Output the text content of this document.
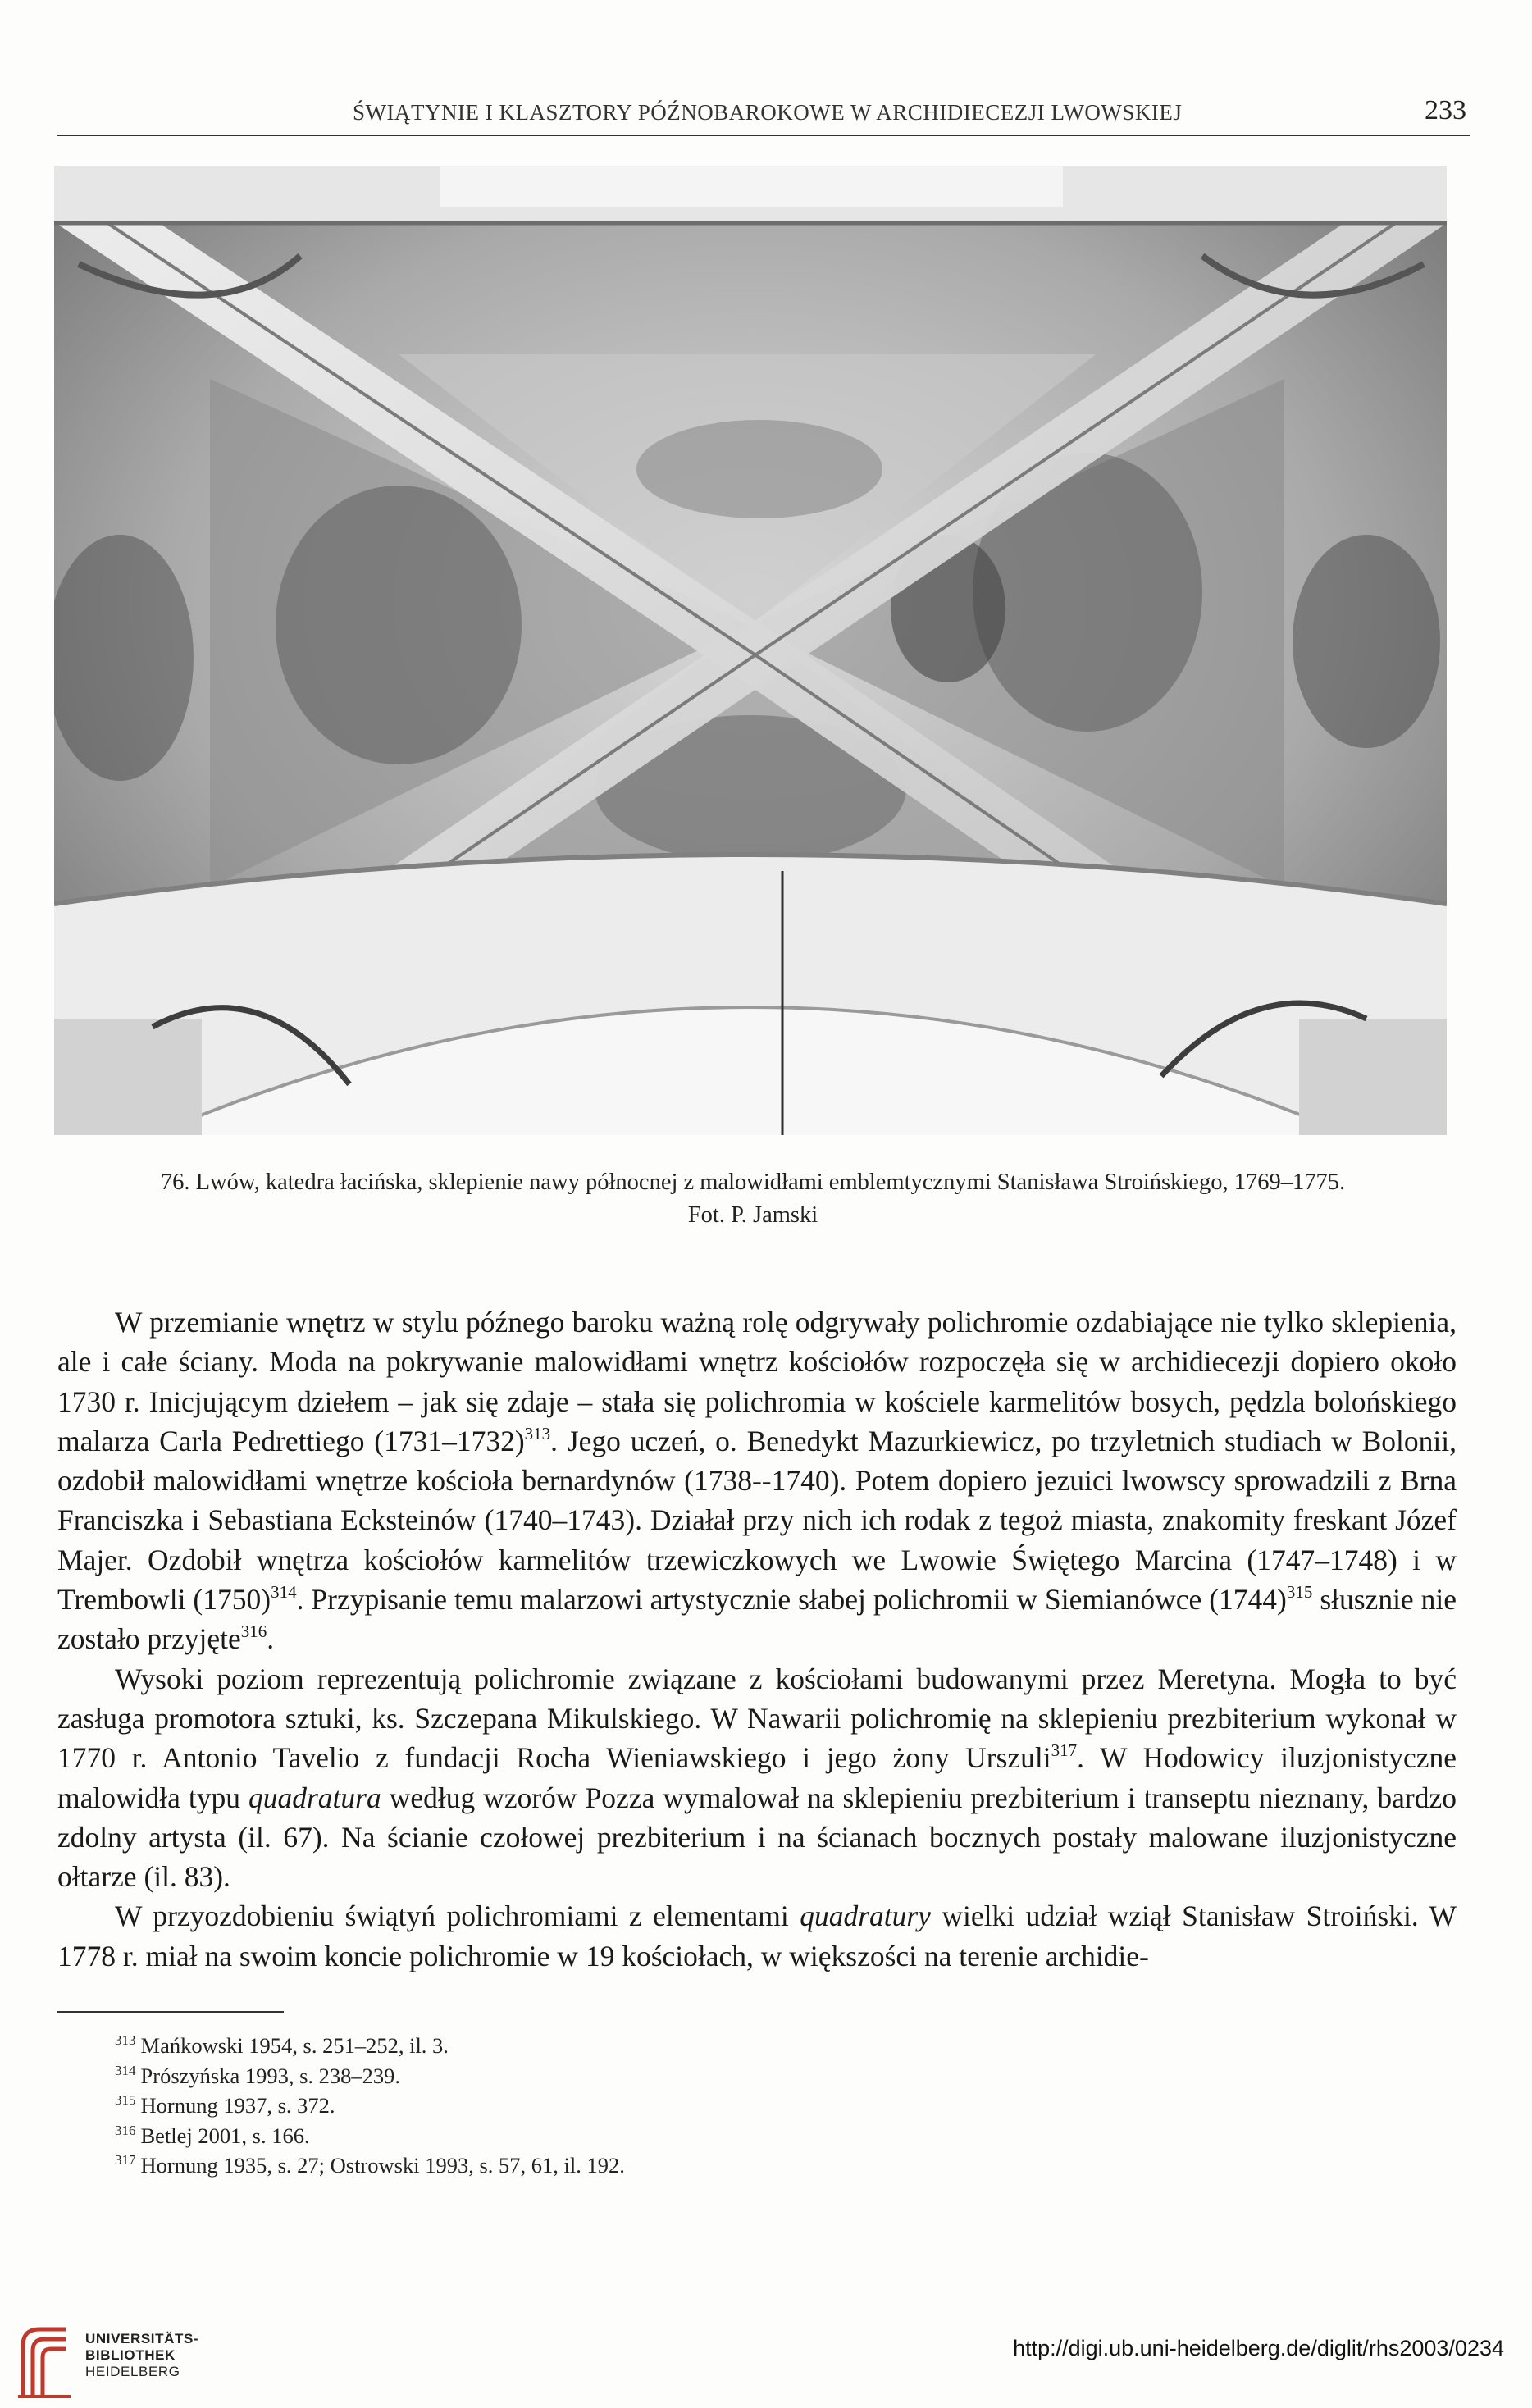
ŚWIĄTYNIE I KLASZTORY PÓŹNOBAROKOWE W ARCHIDIECEZJI LWOWSKIEJ	233
76. Lwów, katedra łacińska, sklepienie nawy północnej z malowidłami emblemtycznymi Stanisława Stroińskiego, 1769–1775.
Fot. P. Jamski

W przemianie wnętrz w stylu późnego baroku ważną rolę odgrywały polichromie ozdabiające nie tylko sklepienia, ale i całe ściany. Moda na pokrywanie malowidłami wnętrz kościołów rozpoczęła się w archidiecezji dopiero około 1730 r. Inicjującym dziełem – jak się zdaje – stała się polichromia w kościele karmelitów bosych, pędzla bolońskiego malarza Carla Pedrettiego (1731–1732)$^{313}$. Jego uczeń, o. Benedykt Mazurkiewicz, po trzyletnich studiach w Bolonii, ozdobił malowidłami wnętrze kościoła bernardynów (1738--1740). Potem dopiero jezuici lwowscy sprowadzili z Brna Franciszka i Sebastiana Ecksteinów (1740–1743). Działał przy nich ich rodak z tegoż miasta, znakomity freskant Józef Majer. Ozdobił wnętrza kościołów karmelitów trzewiczkowych we Lwowie Świętego Marcina (1747–1748) i w Trembowli $(1750)^{314}$. Przypisanie temu malarzowi artystycznie słabej polichromii w Siemianówce $(1744)^{315}$ słusznie nie zostało przyjęte$^{316}$.

Wysoki poziom reprezentują polichromie związane z kościołami budowanymi przez Meretyna. Mogła to być zasługa promotora sztuki, ks. Szczepana Mikulskiego. W Nawarii polichromię na sklepieniu prezbiterium wykonał w 1770 r. Antonio Tavelio z fundacji Rocha Wieniawskiego i jego żony Urszuli$^{317}$. W Hodowicy iluzjonistyczne malowidła typu quadratura według wzorów Pozza wymalował na sklepieniu prezbiterium i transeptu nieznany, bardzo zdolny artysta (il. 67). Na ścianie czołowej prezbiterium i na ścianach bocznych postały malowane iluzjonistyczne ołtarze (il. 83).

W przyozdobieniu świątyń polichromiami z elementami quadratury wielki udział wziął Stanisław Stroiński. W 1778 r. miał na swoim koncie polichromie w 19 kościołach, w większości na terenie archidie-

$^{313}$ Mańkowski 1954, s. 251–252, il. 3.
$^{314}$ Prószyńska 1993, s. 238–239.
$^{315}$ Hornung 1937, s. 372.
$^{316}$ Betlej 2001, s. 166.
$^{317}$ Hornung 1935, s. 27; Ostrowski 1993, s. 57, 61, il. 192.
UNIVERSITÄTS-
BIBLIOTHEK
HEIDELBERG
http://digi.ub.uni-heidelberg.de/diglit/rhs2003/0234
